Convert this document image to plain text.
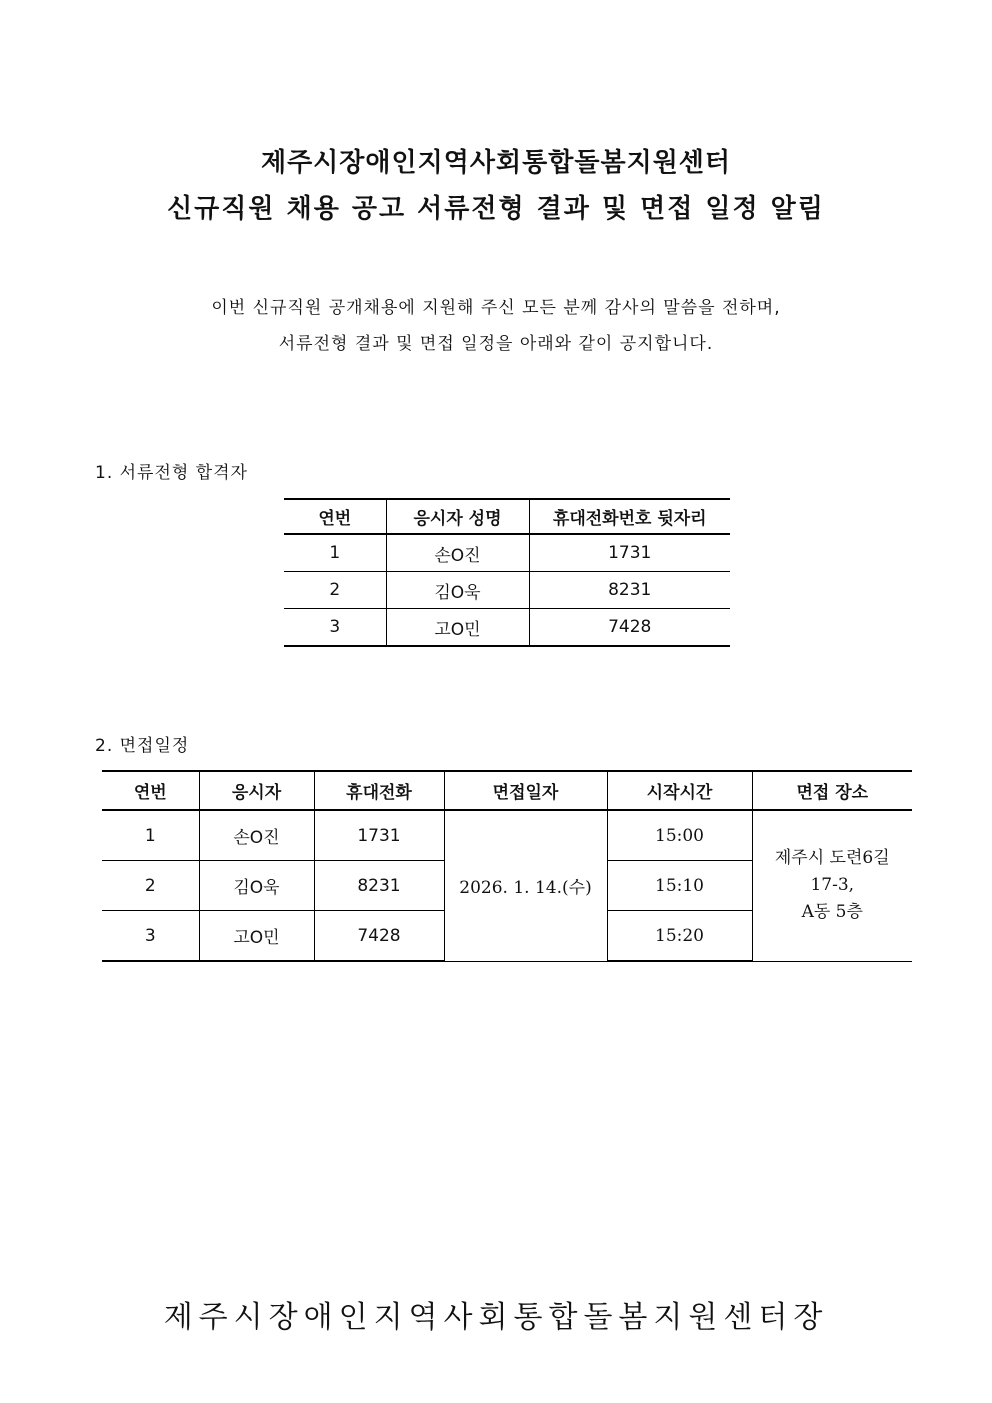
제주시장애인지역사회통합돌봄지원센터
신규직원 채용 공고 서류전형 결과 및 면접 일정 알림
이번 신규직원 공개채용에 지원해 주신 모든 분께 감사의 말씀을 전하며,
서류전형 결과 및 면접 일정을 아래와 같이 공지합니다.
1. 서류전형 합격자
연번	응시자 성명	휴대전화번호 뒷자리
1	손O진	1731
2	김O욱	8231
3	고O민	7428
2. 면접일정
연번	응시자	휴대전화	면접일자	시작시간	면접 장소
1	손O진	1731	2026. 1. 14.(수)	15:00	제주시 도련6길
17-3,
A동 5층

2	김O욱	8231		15:10	
3	고O민	7428		15:20	
제주시장애인지역사회통합돌봄지원센터장
